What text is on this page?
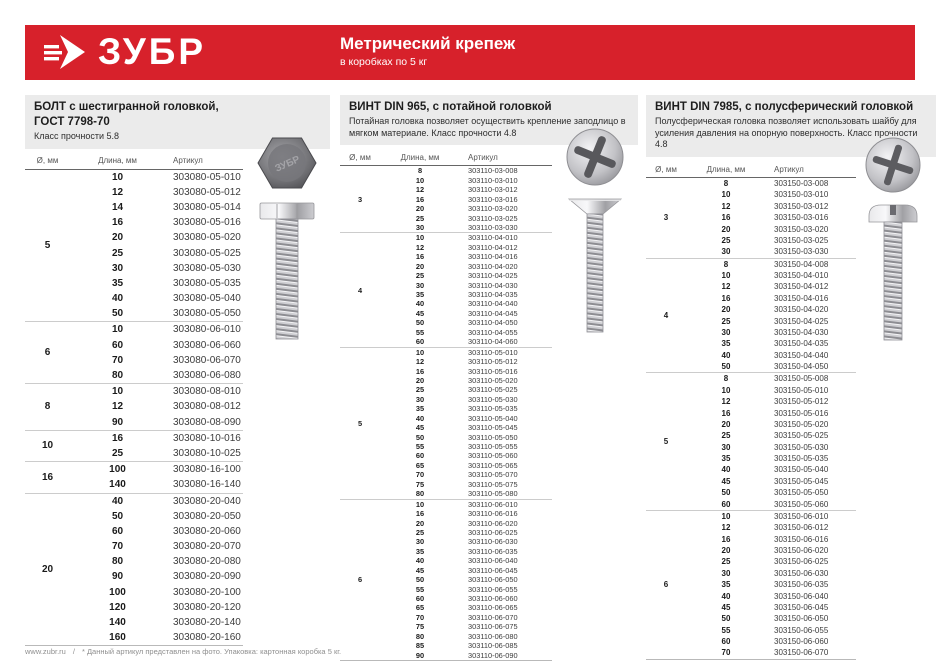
ЗУБР	Метрический крепеж
в коробках по 5 кг
БОЛТ с шестигранной головкой,
ГОСТ 7798-70
Класс прочности 5.8
Ø, мм	Длина, мм	Артикул
5
10	303080-05-010
12	303080-05-012
14	303080-05-014
16	303080-05-016
20	303080-05-020
25	303080-05-025
30	303080-05-030
35	303080-05-035
40	303080-05-040
50	303080-05-050
6
10	303080-06-010
60	303080-06-060
70	303080-06-070
80	303080-06-080
8
10	303080-08-010
12	303080-08-012
90	303080-08-090
10
16	303080-10-016
25	303080-10-025
16
100	303080-16-100
140	303080-16-140
20
40	303080-20-040
50	303080-20-050
60	303080-20-060
70	303080-20-070
80	303080-20-080
90	303080-20-090
100	303080-20-100
120	303080-20-120
140	303080-20-140
160	303080-20-160
ЗУБР
ВИНТ DIN 965, с потайной головкой
Потайная головка позволяет осуществить крепление заподлицо в мягком материале. Класс прочности 4.8
Ø, мм	Длина, мм	Артикул
3
8	303110-03-008
10	303110-03-010
12	303110-03-012
16	303110-03-016
20	303110-03-020
25	303110-03-025
30	303110-03-030
4
10	303110-04-010
12	303110-04-012
16	303110-04-016
20	303110-04-020
25	303110-04-025
30	303110-04-030
35	303110-04-035
40	303110-04-040
45	303110-04-045
50	303110-04-050
55	303110-04-055
60	303110-04-060
5
10	303110-05-010
12	303110-05-012
16	303110-05-016
20	303110-05-020
25	303110-05-025
30	303110-05-030
35	303110-05-035
40	303110-05-040
45	303110-05-045
50	303110-05-050
55	303110-05-055
60	303110-05-060
65	303110-05-065
70	303110-05-070
75	303110-05-075
80	303110-05-080
6
10	303110-06-010
16	303110-06-016
20	303110-06-020
25	303110-06-025
30	303110-06-030
35	303110-06-035
40	303110-06-040
45	303110-06-045
50	303110-06-050
55	303110-06-055
60	303110-06-060
65	303110-06-065
70	303110-06-070
75	303110-06-075
80	303110-06-080
85	303110-06-085
90	303110-06-090
ВИНТ DIN 7985, с полусферический головкой
Полусферическая головка позволяет использовать шайбу для усиления давления на опорную поверхность. Класс прочности 4.8
Ø, мм	Длина, мм	Артикул
3
8	303150-03-008
10	303150-03-010
12	303150-03-012
16	303150-03-016
20	303150-03-020
25	303150-03-025
30	303150-03-030
4
8	303150-04-008
10	303150-04-010
12	303150-04-012
16	303150-04-016
20	303150-04-020
25	303150-04-025
30	303150-04-030
35	303150-04-035
40	303150-04-040
50	303150-04-050
5
8	303150-05-008
10	303150-05-010
12	303150-05-012
16	303150-05-016
20	303150-05-020
25	303150-05-025
30	303150-05-030
35	303150-05-035
40	303150-05-040
45	303150-05-045
50	303150-05-050
60	303150-05-060
6
10	303150-06-010
12	303150-06-012
16	303150-06-016
20	303150-06-020
25	303150-06-025
30	303150-06-030
35	303150-06-035
40	303150-06-040
45	303150-06-045
50	303150-06-050
55	303150-06-055
60	303150-06-060
70	303150-06-070
www.zubr.ru / * Данный артикул представлен на фото. Упаковка: картонная коробка 5 кг.
